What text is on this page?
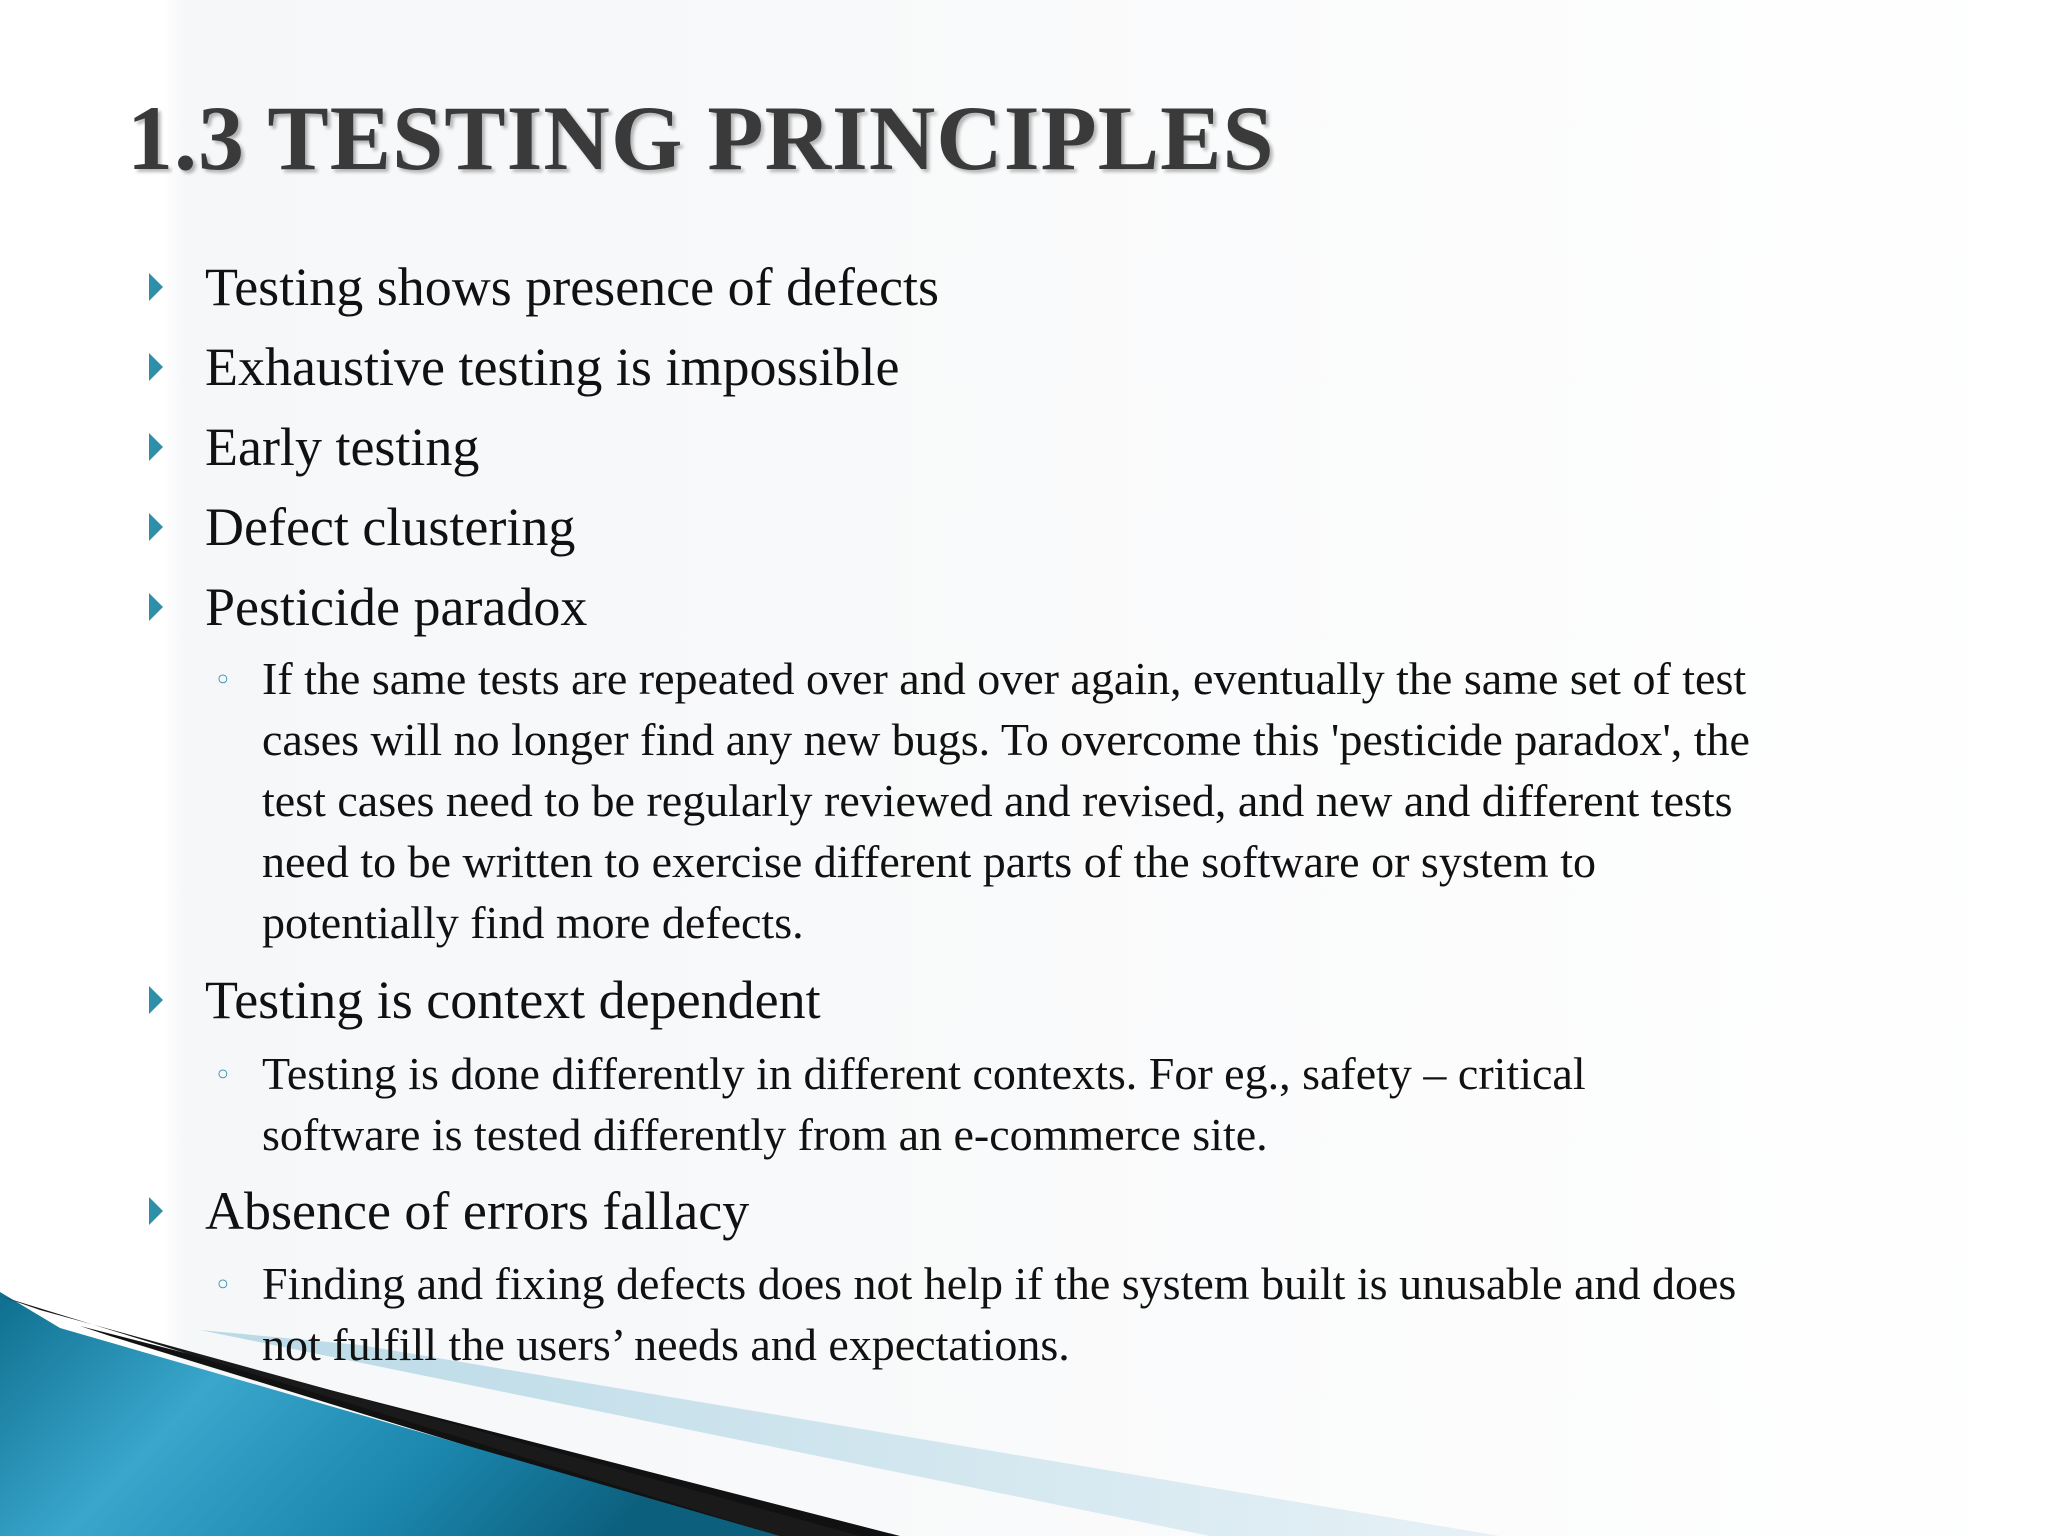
1.3 TESTING PRINCIPLES
Testing shows presence of defects
Exhaustive testing is impossible
Early testing
Defect clustering
Pesticide paradox
◦ If the same tests are repeated over and over again, eventually the same set of test
cases will no longer find any new bugs. To overcome this 'pesticide paradox', the
test cases need to be regularly reviewed and revised, and new and different tests
need to be written to exercise different parts of the software or system to
potentially find more defects.
Testing is context dependent
◦ Testing is done differently in different contexts. For eg., safety – critical
software is tested differently from an e-commerce site.
Absence of errors fallacy
◦ Finding and fixing defects does not help if the system built is unusable and does
not fulfill the users’ needs and expectations.
